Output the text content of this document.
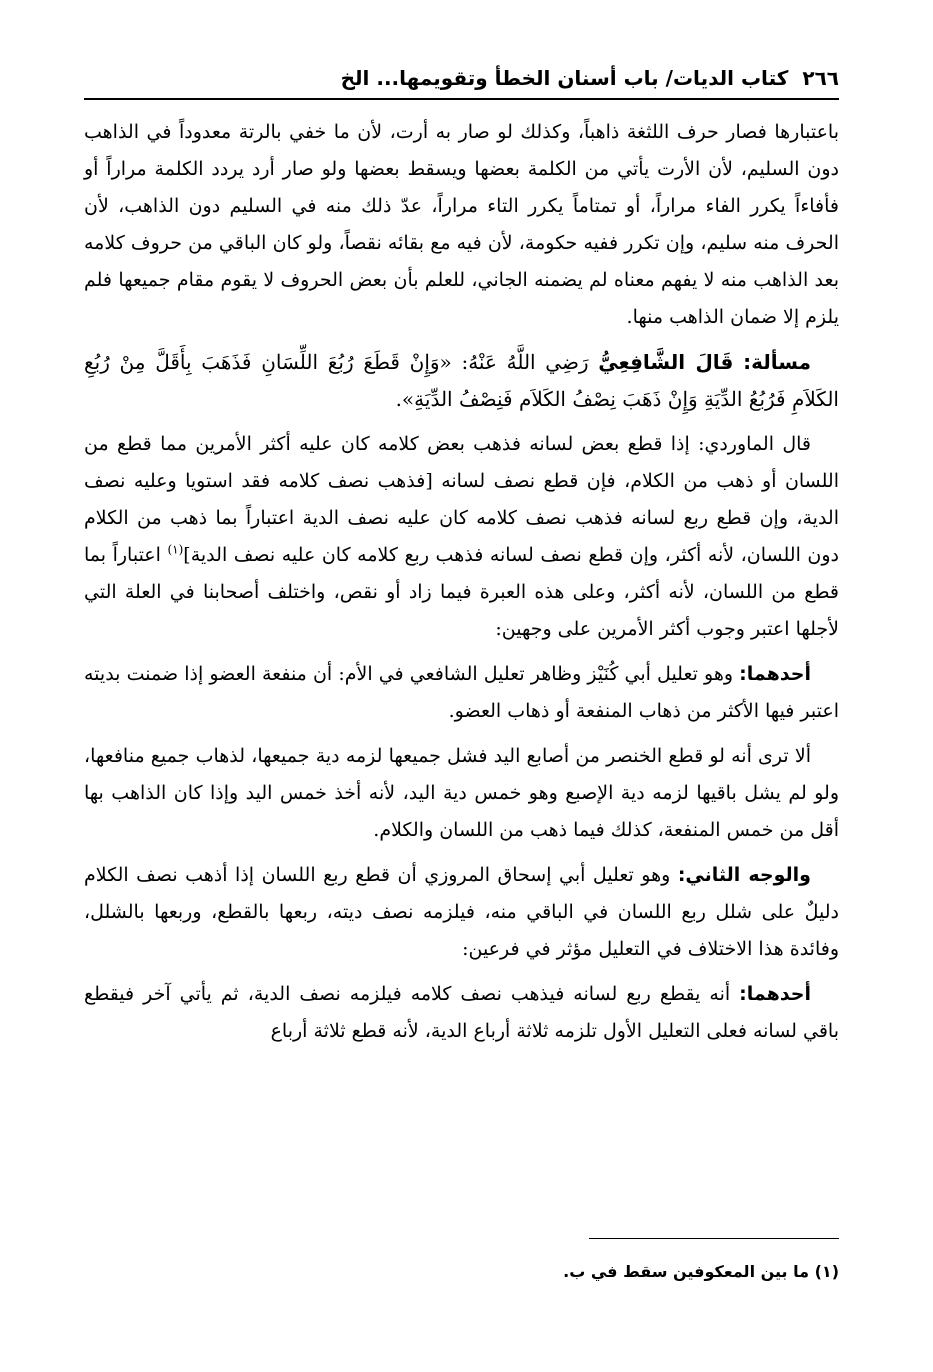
٢٦٦
كتاب الديات/ باب أسنان الخطأ وتقويمها... الخ

باعتبارها فصار حرف اللثغة ذاهباً، وكذلك لو صار به أرت، لأن ما خفي بالرتة معدوداً في الذاهب دون السليم، لأن الأرت يأتي من الكلمة بعضها ويسقط بعضها ولو صار أرد يردد الكلمة مراراً أو فأفاءاً يكرر الفاء مراراً، أو تمتاماً يكرر التاء مراراً، عدّ ذلك منه في السليم دون الذاهب، لأن الحرف منه سليم، وإن تكرر ففيه حكومة، لأن فيه مع بقائه نقصاً، ولو كان الباقي من حروف كلامه بعد الذاهب منه لا يفهم معناه لم يضمنه الجاني، للعلم بأن بعض الحروف لا يقوم مقام جميعها فلم يلزم إلا ضمان الذاهب منها.

مسألة: قَالَ الشَّافِعِيُّ رَضِي اللَّهُ عَنْهُ: «وَإِنْ قَطَعَ رُبُعَ اللِّسَانِ فَذَهَبَ بِأَقَلَّ مِنْ رُبُعِ الكَلاَمِ فَرُبُعُ الدِّيَةِ وَإِنْ ذَهَبَ نِصْفُ الكَلاَم فَنِصْفُ الدِّيَةِ».

قال الماوردي: إذا قطع بعض لسانه فذهب بعض كلامه كان عليه أكثر الأمرين مما قطع من اللسان أو ذهب من الكلام، فإن قطع نصف لسانه [فذهب نصف كلامه فقد استويا وعليه نصف الدية، وإن قطع ربع لسانه فذهب نصف كلامه كان عليه نصف الدية اعتباراً بما ذهب من الكلام دون اللسان، لأنه أكثر، وإن قطع نصف لسانه فذهب ربع كلامه كان عليه نصف الدية]$^{(١)}$ اعتباراً بما قطع من اللسان، لأنه أكثر، وعلى هذه العبرة فيما زاد أو نقص، واختلف أصحابنا في العلة التي لأجلها اعتبر وجوب أكثر الأمرين على وجهين:

أحدهما: وهو تعليل أبي كُنَيْز وظاهر تعليل الشافعي في الأم: أن منفعة العضو إذا ضمنت بديته اعتبر فيها الأكثر من ذهاب المنفعة أو ذهاب العضو.

ألا ترى أنه لو قطع الخنصر من أصابع اليد فشل جميعها لزمه دية جميعها، لذهاب جميع منافعها، ولو لم يشل باقيها لزمه دية الإصبع وهو خمس دية اليد، لأنه أخذ خمس اليد وإذا كان الذاهب بها أقل من خمس المنفعة، كذلك فيما ذهب من اللسان والكلام.

والوجه الثاني: وهو تعليل أبي إسحاق المروزي أن قطع ربع اللسان إذا أذهب نصف الكلام دليلٌ على شلل ربع اللسان في الباقي منه، فيلزمه نصف ديته، ربعها بالقطع، وربعها بالشلل، وفائدة هذا الاختلاف في التعليل مؤثر في فرعين:

أحدهما: أنه يقطع ربع لسانه فيذهب نصف كلامه فيلزمه نصف الدية، ثم يأتي آخر فيقطع باقي لسانه فعلى التعليل الأول تلزمه ثلاثة أرباع الدية، لأنه قطع ثلاثة أرباع

(١) ما بين المعكوفين سقط في ب.
